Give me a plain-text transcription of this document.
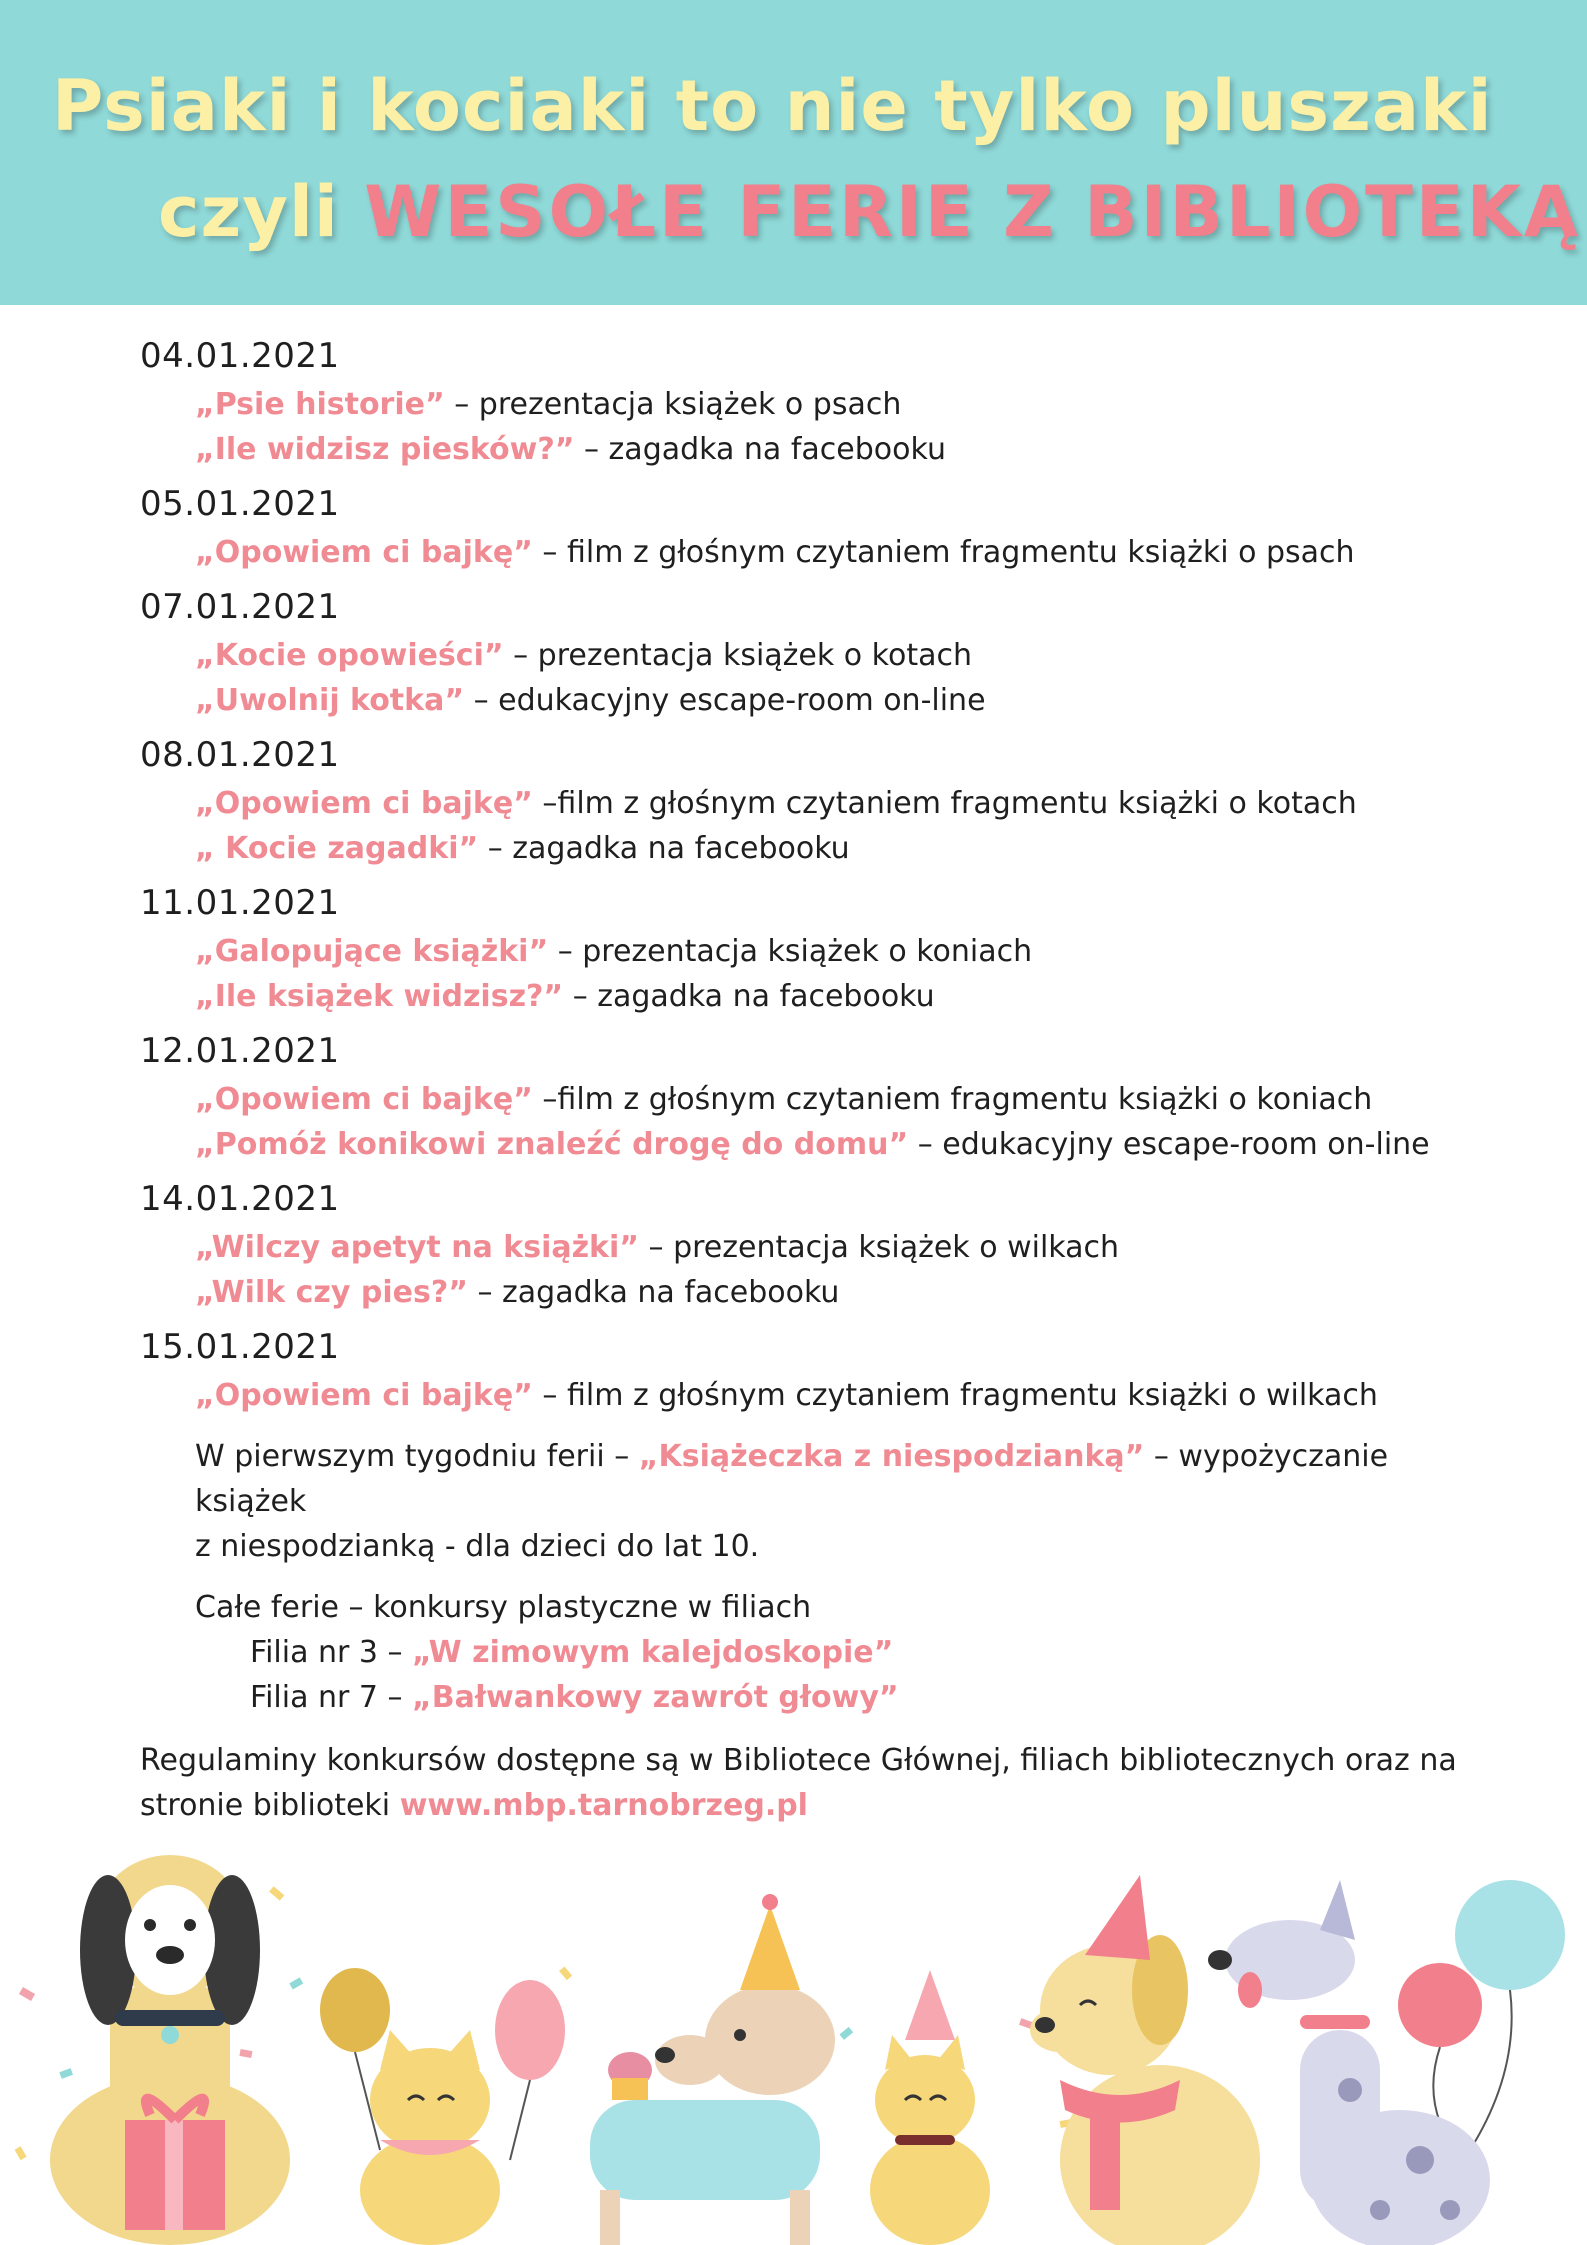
Psiaki i kociaki to nie tylko pluszaki
czyli WESOŁE FERIE Z BIBLIOTEKĄ
04.01.2021
„Psie historie” – prezentacja książek o psach
„Ile widzisz piesków?” – zagadka na facebooku
05.01.2021
„Opowiem ci bajkę” – film z głośnym czytaniem fragmentu książki o psach
07.01.2021
„Kocie opowieści” – prezentacja książek o kotach
„Uwolnij kotka” – edukacyjny escape-room on-line
08.01.2021
„Opowiem ci bajkę” –film z głośnym czytaniem fragmentu książki o kotach
„ Kocie zagadki” – zagadka na facebooku
11.01.2021
„Galopujące książki” – prezentacja książek o koniach
„Ile książek widzisz?” – zagadka na facebooku
12.01.2021
„Opowiem ci bajkę” –film z głośnym czytaniem fragmentu książki o koniach
„Pomóż konikowi znaleźć drogę do domu” – edukacyjny escape-room on-line
14.01.2021
„Wilczy apetyt na książki” – prezentacja książek o wilkach
„Wilk czy pies?” – zagadka na facebooku
15.01.2021
„Opowiem ci bajkę” – film z głośnym czytaniem fragmentu książki o wilkach
W pierwszym tygodniu ferii – „Książeczka z niespodzianką” – wypożyczanie książek
z niespodzianką - dla dzieci do lat 10.
Całe ferie – konkursy plastyczne w filiach
Filia nr 3 – „W zimowym kalejdoskopie”
Filia nr 7 – „Bałwankowy zawrót głowy”
Regulaminy konkursów dostępne są w Bibliotece Głównej, filiach bibliotecznych oraz na
stronie biblioteki www.mbp.tarnobrzeg.pl
